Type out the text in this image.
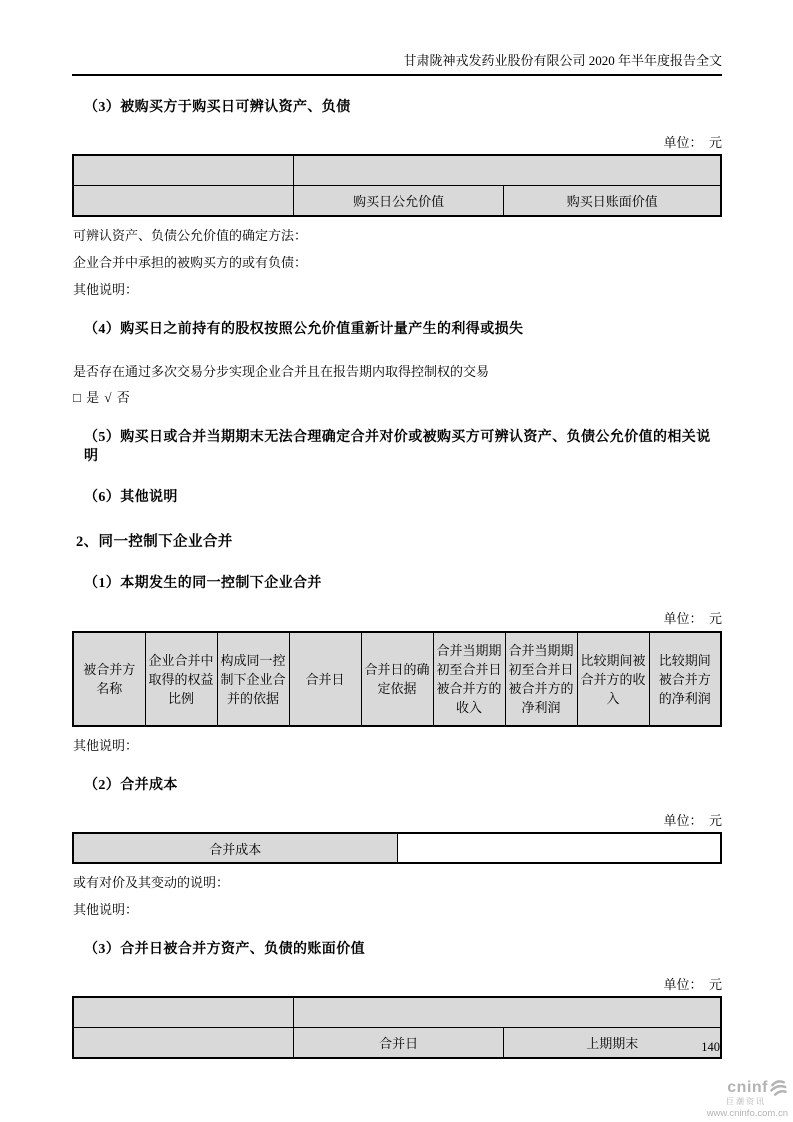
甘肃陇神戎发药业股份有限公司 2020 年半年度报告全文
（3）被购买方于购买日可辨认资产、负债
单位：　元

	购买日公允价值	购买日账面价值

可辨认资产、负债公允价值的确定方法：

企业合并中承担的被购买方的或有负债：

其他说明：

（4）购买日之前持有的股权按照公允价值重新计量产生的利得或损失

是否存在通过多次交易分步实现企业合并且在报告期内取得控制权的交易

□ 是 √ 否

（5）购买日或合并当期期末无法合理确定合并对价或被购买方可辨认资产、负债公允价值的相关说明
（6）其他说明
2、同一控制下企业合并
（1）本期发生的同一控制下企业合并
单位：　元
被合并方名称	企业合并中取得的权益比例	构成同一控制下企业合并的依据	合并日	合并日的确定依据	合并当期期初至合并日被合并方的收入	合并当期期初至合并日被合并方的净利润	比较期间被合并方的收入	比较期间被合并方的净利润

其他说明：

（2）合并成本
单位：　元
合并成本	

或有对价及其变动的说明：

其他说明：

（3）合并日被合并方资产、负债的账面价值
单位：　元

	合并日	上期期末	140
cninf
巨潮资讯
www.cninfo.com.cn
